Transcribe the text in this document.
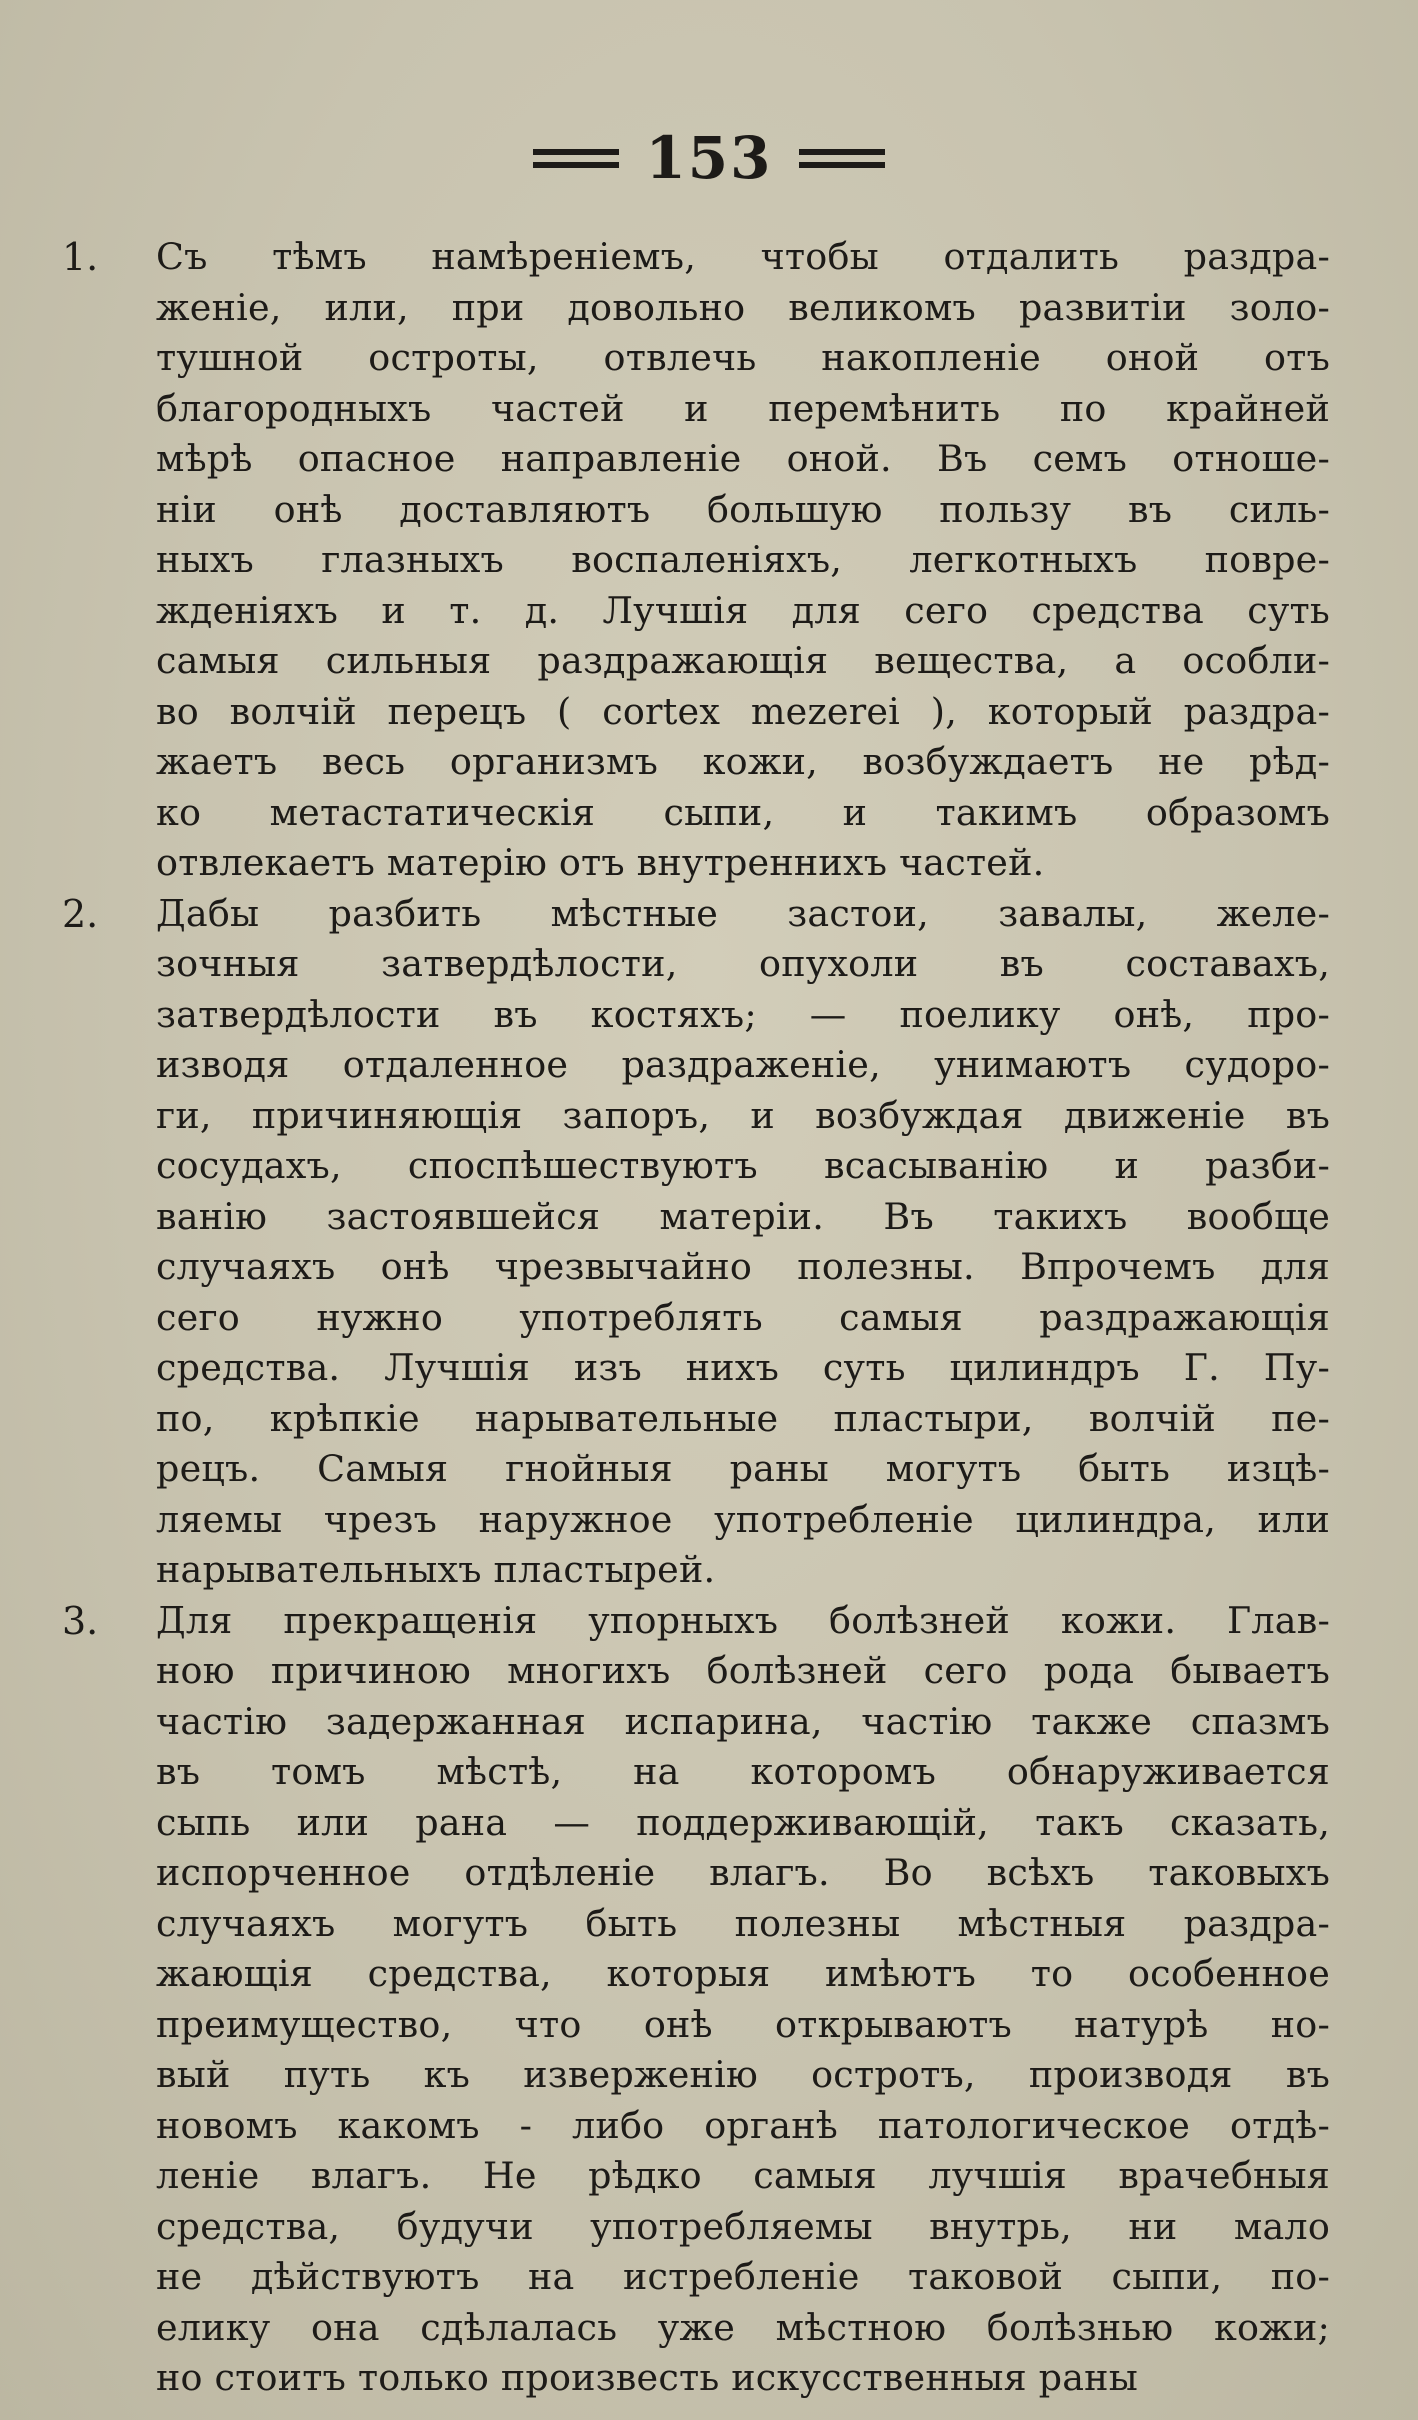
153
1. Съ тѣмъ намѣреніемъ, чтобы отдалить раздра-
женіе, или, при довольно великомъ развитіи золо-
тушной остроты, отвлечь накопленіе оной отъ
благородныхъ частей и перемѣнить по крайней
мѣрѣ опасное направленіе оной. Въ семъ отноше-
ніи онѣ доставляютъ большую пользу въ силь-
ныхъ глазныхъ воспаленіяхъ, легкотныхъ повре-
жденіяхъ и т. д. Лучшія для сего средства суть
самыя сильныя раздражающія вещества, а особли-
во волчій перецъ ( cortex mezerei ), который раздра-
жаетъ весь организмъ кожи, возбуждаетъ не рѣд-
ко метастатическія сыпи, и такимъ образомъ
отвлекаетъ матерію отъ внутреннихъ частей.
2. Дабы разбить мѣстные застои, завалы, желе-
зочныя затвердѣлости, опухоли въ составахъ,
затвердѣлости въ костяхъ; — поелику онѣ, про-
изводя отдаленное раздраженіе, унимаютъ судоро-
ги, причиняющія запоръ, и возбуждая движеніе въ
сосудахъ, споспѣшествуютъ всасыванію и разби-
ванію застоявшейся матеріи. Въ такихъ вообще
случаяхъ онѣ чрезвычайно полезны. Впрочемъ для
сего нужно употреблять самыя раздражающія
средства. Лучшія изъ нихъ суть цилиндръ Г. Пу-
по, крѣпкіе нарывательные пластыри, волчій пе-
рецъ. Самыя гнойныя раны могутъ быть изцѣ-
ляемы чрезъ наружное употребленіе цилиндра, или
нарывательныхъ пластырей.
3. Для прекращенія упорныхъ болѣзней кожи. Глав-
ною причиною многихъ болѣзней сего рода бываетъ
частію задержанная испарина, частію также спазмъ
въ томъ мѣстѣ, на которомъ обнаруживается
сыпь или рана — поддерживающій, такъ сказать,
испорченное отдѣленіе влагъ. Во всѣхъ таковыхъ
случаяхъ могутъ быть полезны мѣстныя раздра-
жающія средства, которыя имѣютъ то особенное
преимущество, что онѣ открываютъ натурѣ но-
вый путь къ изверженію остротъ, производя въ
новомъ какомъ - либо органѣ патологическое отдѣ-
леніе влагъ. Не рѣдко самыя лучшія врачебныя
средства, будучи употребляемы внутрь, ни мало
не дѣйствуютъ на истребленіе таковой сыпи, по-
елику она сдѣлалась уже мѣстною болѣзнью кожи;
но стоитъ только произвесть искусственныя раны
